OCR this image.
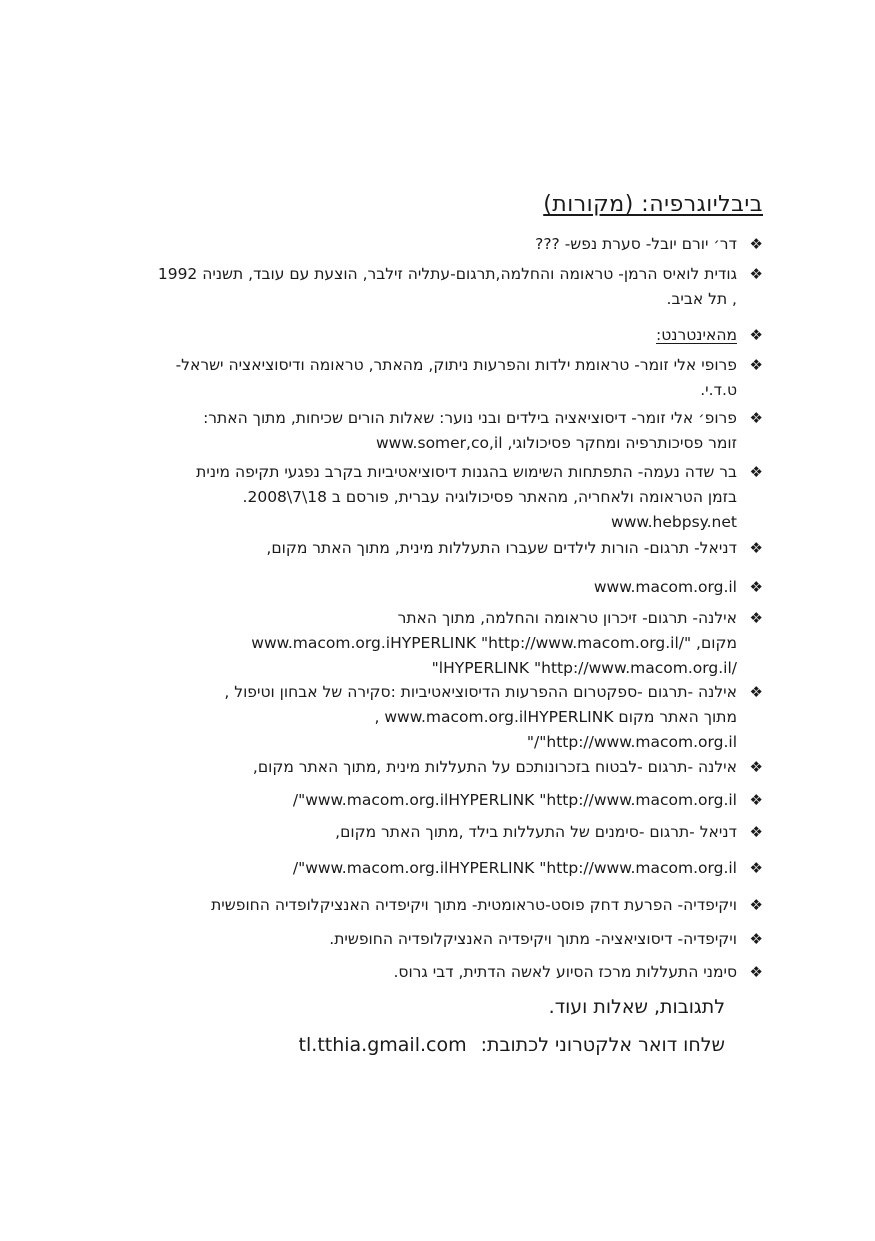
ביבליוגרפיה: (מקורות)
❖
דר׳ יורם יובל- סערת נפש- ???
❖
גודית לואיס הרמן- טראומה והחלמה,תרגום-עתליה זילבר, הוצעת עם עובד, תשניה 1992
, תל אביב.
❖
מהאינטרנט:
❖
פרופי אלי זומר- טראומת ילדות והפרעות ניתוק, מהאתר, טראומה ודיסוציאציה ישראל-
ט.ד.י.
❖
פרופ׳ אלי זומר- דיסוציאציה בילדים ובני נוער: שאלות הורים שכיחות, מתוך האתר:
זומר פסיכותרפיה ומחקר פסיכולוגי, www.somer,co,il
❖
בר שדה נעמה- התפתחות השימוש בהגנות דיסוציאטיביות בקרב נפגעי תקיפה מינית
בזמן הטראומה ולאחריה, מהאתר פסיכולוגיה עברית, פורסם ב 18\7\2008.
www.hebpsy.net
❖
דניאל- תרגום- הורות לילדים שעברו התעללות מינית, מתוך האתר מקום,
❖
www.macom.org.il
❖
אילנה- תרגום- זיכרון טראומה והחלמה, מתוך האתר
מקום, "/www.macom.org.iHYPERLINK "http://www.macom.org.il
/lHYPERLINK "http://www.macom.org.il"
❖
אילנה -תרגום -ספקטרום ההפרעות הדיסוציאטיביות :סקירה של אבחון וטיפול ,
מתוך האתר מקום www.macom.org.ilHYPERLINK ,
http://www.macom.org.il"/"
❖
אילנה -תרגום -לבטוח בזכרונותכם על התעללות מינית ,מתוך האתר מקום,
❖
www.macom.org.ilHYPERLINK "http://www.macom.org.il"/
❖
דניאל -תרגום -סימנים של התעללות בילד ,מתוך האתר מקום,
❖
www.macom.org.ilHYPERLINK "http://www.macom.org.il"/
❖
ויקיפדיה- הפרעת דחק פוסט-טראומטית- מתוך ויקיפדיה האנציקלופדיה החופשית
❖
ויקיפדיה- דיסוציאציה- מתוך ויקיפדיה האנציקלופדיה החופשית.
❖
סימני התעללות מרכז הסיוע לאשה הדתית, דבי גרוס.
לתגובות, שאלות ועוד.
שלחו דואר אלקטרוני לכתובת:tl.tthia.gmail.com
